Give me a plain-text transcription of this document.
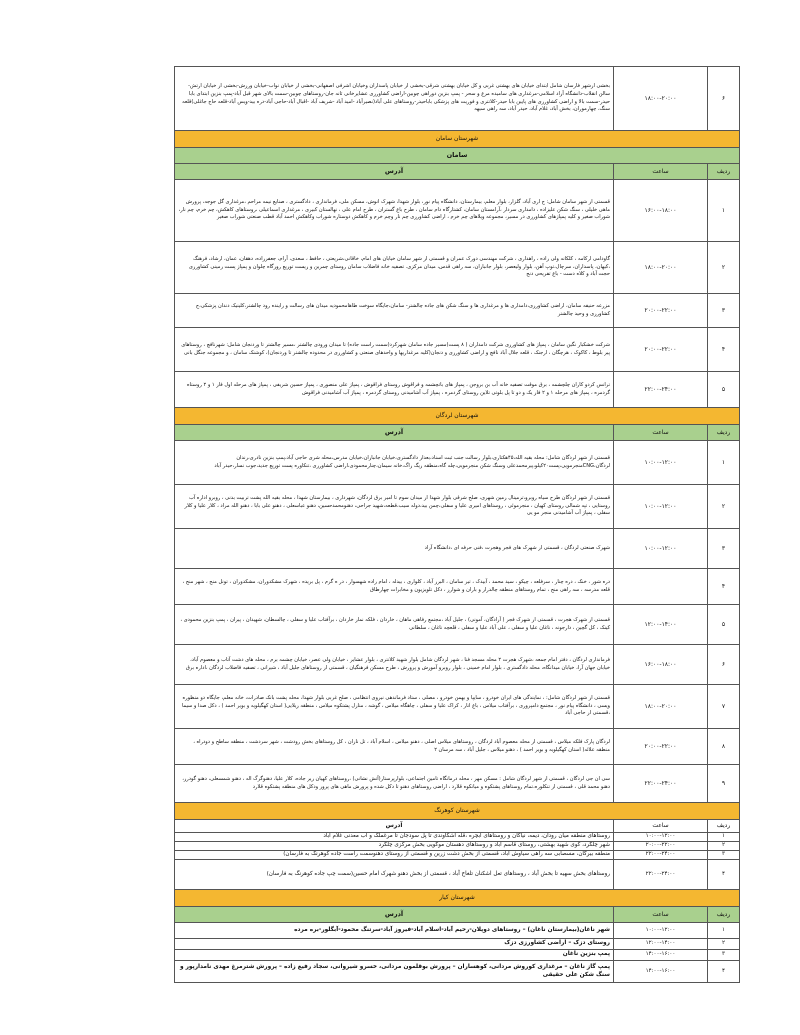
۶	۱۸:۰۰-۲۰:۰۰	بخشی ازشهر فارسان شامل ابتدای خیابان های بهشتی غربی و کل خیابان بهشتی شرقی-بخشی از خیابان پاسداران وخیابان اشرفی اصفهانی-بخشی از خیابان نواب-خیابان ورزش-بخشی از خیابان ارتش-سالن انقلاب-دانشگاه آزاد اسلامی-مرغداری های سامیده مرغ و سحر - پمپ بنزین دوراهی چوبین-اراضی کشاورزی عشایرخانی ثانه جان-روستاهای چوبین-سمت بالای شهر قبل آباد-پمپ بنزین ابتدای بابا حیدر-سمت بالا و اراضی کشاورزی های پایین بابا حیدر-کلانتری و فوریت های پزشکی باباحیدر-روستاهای علی آباد(نصیرآباد -امید آباد -شریف آباد -اقبال آباد-حاجی آباد-دره بید-ویس آباد-قلعه حاج جاغلی)قلعه سنگ، چهارموران، بخش آباد، غلام آباد، حیدر آباد، سه راهی سیهه
شهرستان سامان		
سامان		
ردیف	ساعت	آدرس
۱	۱۶:۰۰-۱۸:۰۰	قسمتی از شهر سامان شامل: ج اری آباد، گلزار، بلوار معلم، بیمارستان، دانشگاه پیام نور، بلوار شهدا، شهرک انوش، مسکن ملی، فرمانداری ، دادگستری ، صنایع نیمه مراحم ،مرغداری گل جوجه، پرورش ماهی خلیلی ، سنگ شکن علیزاده ، دامداری سردار ،آرامستان سامان، کشتارگاه دام سامان ، طرح باغ گستران ، طرح امام علی ، نهالستان کبیری ، مرغداری اسماعیلی ،روستاهای کاهکش، چم خرم، چم نار، شوراب صغیر و کلیه پمپاژهای کشاورزی در مسیر، مجموعه ویلاهای چم خرم ، اراضی کشاورزی چم نار وچم خرم و کاهکش دوستاره شوراب وکاهکش احمد آباد قطب صنعتی شوراب صغیر
۲	۱۸:۰۰-۲۰:۰۰	گاودامی ارکامه ، کلکانه ولی زاده ، راهداری ، شرکت مهندسی دورک عمران و قسمتی از شهر سامان خیابان های امام، خاقانی،شریعتی ، حافظ ، سعدی، آرام، جعفرزاده، دهقان، عمان، ارشاد، فرهنگ ،کیهان، پاسداران، سرچال،توپ آهن، بلوار ولیعصر، بلوار جانبازان، سه راهی قدس، میدان مرکزی. تصفیه خانه فاضلاب سامان روستای چمرین و زیست توزیع روزگاه چلوان و پمپاژ پست زمینی کشاورزی حجت آباد و کلاه دست - باغ تفریحی دنج
۳	۲۰:۰۰-۲۲:۰۰	مزرعه حنیفه سامان، اراضی کشاورزی،دامداری ها و مرغداری ها و سنگ شکن های جاده چالشتر- سامان،جایگاه سوخت طاهامحمودیه میدان های رسالت و زاینده رود چالشتر،کلینیک دندان پزشکی،ج کشاورزی و وحید چالشتر
۴	۲۰:۰۰-۲۲:۰۰	شرکت خشکبار نگین سامان ، پمپاژ های کشاورزی شرکت دامداران ( ۸ پست)مسیر جاده سامان شهرکرد(سمت راست جاده) تا میدان ورودی چالشتر ،مسیر چالشتر تا وردنجان شامل: شهرنافچ ، روستاهای پیر بلوط ، کاکوک ، هرچگان ، ارجنک ، قلعه جلال آباد نافچ و اراضی کشاورزی و دنجان(کلیه مرغداریها و واحدهای صنعتی و کشاورزی در محدوده چالشتر تا وردنجان)، کوشنک سامان ، و مجموعه جنگل بانی
۵	۲۲:۰۰-۲۴:۰۰	ترانس کردو کاران چلچشمه ، برق موقت تصفیه خانه آب بن بروجن ، پمپاژ های باتچشمه و فراقوش روستای فراقوش ، پمپاژ علی منصوری ، پمپاژ حسین شریفی ، پمپاژ های مرحله اول فاز ۱ و ۲ روستاه گردمره ، پمپاژ های مرحله ۱ و ۲ فاز یک و دو تا پل بلوتی تلاین روستای گردمره ، پمپاژ آب آشامیدنی روستای گردمره ، پمپاژ آب آشامیدنی فراقوش
شهرستان لردگان		
ردیف	ساعت	آدرس
۱	۱۰:۰۰-۱۲:۰۰	قسمتی از شهر لردگان شامل: محله بقیه الله،۴۵هکتاری،بلوار رسالت جنب ثبت اسناد،بعداز دادگستری،خیابان جانبازان،خیابان مدرس،محله شری حاجی آباد،پمپ بنزین نادری،زندان لردگان،CNGمنجرمویی،پست۲۰کیلو،پیرمحمدعلی وسنگ شکن منجرمویی،چله گاه،منطقه زیگ زاگ،خانه سیمان،چنارمحمودی،اراضی کشاورزی ،تنکاوره پست توزیع جدید،جوب نسار،حیدر آباد
۲	۱۰:۰۰-۱۲:۰۰	قسمتی از شهر لردگان طرح سیاه روبرو،ترمینال زمین شهری، صلح شرقی بلوار شهدا از میدان سوم تا امیر برق لردگان، شهرداری ، بیمارستان شهدا ، محله بقیه الله پشت تربیت بدنی ، روبرو اداره آب روستایی ، تپه شمالی روستای کهیان ، منجرموئی ، روستاهای امیری علیا و سفلی،چمن بید،دوله سیب،قطعه،شهید جراحی، دهنومحمدحسین، دهنو عباسعلی ، دهنو علی بابا ، دهنو الله مراد ، کلار علیا و کلار سفلی ، پمپاژ آب آشامیدنی منجر مو یی
۳	۱۰:۰۰-۱۲:۰۰	شهرک صنعتی لردگان ، قسمتی از شهرک های فجر وهجرت ،فنی حرفه ای ،دانشگاه آزاد
۴		دره شور ، خنک ، دره چنار ، سرفلعه ، چیکو ، سید محمد ، آبیدک ، تیر سامان ، البرز آباد ، کلواری ، بیدله ، امام زاده شهسوار ، در ه گرم ، پل بریده ، شهرک مشکدوران، مشکدوران ، تونل منج ، شهر منج ، قلعه مدرسه ، سه راهی منج ، تمام روستاهای منطقه چالدراز و باران و شوارز ، دکل تلویزیون و مخابرات چهارطاق
۵	۱۲:۰۰-۱۴:۰۰	قسمتی از شهرک هجرت ، قسمتی از شهرک فجر ( آزادگان، آمونی) ، جلیل آباد ،مجتمع رفاهی ماهان ، خاردان ، فلکه نماز خاردان ، برآفتاب علیا و سفلی ، چالسطان، شهیدان ، پیران ، پمپ بنزین محمودی ، کینک ، کل گچین ، دارجونه ، ناغان علیا و سفلی ، علی آباد علیا و سفلی ، قلعچه ناغان ، سلطانی
۶	۱۶:۰۰-۱۸:۰۰	فرمانداری لردگان ، دفتر امام جمعه ،شهرک هجرت ۲ محله مسجد فنا ، شهر لردگان شامل بلوار شهید کلانتری ، بلوار عشایر ، خیابان ولی عصر، خیابان چشمه برم ، محله های دشت آتاب و معصوم آباد، خیابان جهان آرا، خیابان میدانگاه، محله دادگستری ، بلوار امام خمینی ، بلوار روبرو آموزش و پرورش ، طرح مسکن فرهنگیان ، قسمتی از روستاهای جلیل آباد ، شیرانی ، تصفیه فاضلاب لردگان ،اداره برق
۷	۱۸:۰۰-۲۰:۰۰	قسمتی از شهر لردگان شامل: ، نمایندگی های ایران خودرو ، سایپا و بهمن خودرو ، مصلی ، ستاد فرماندهی نیروی انتظامی ، صلح غربی بلوار شهدا، محله پشت بانک صادرات، خانه معلم، جایگاه دو منظوره ویسی ، دانشگاه پیام نور ، مجتمع دامپروری ، برآفتاب میلاس ، باغ انار ، کراک علیا و سفلی ، چاهگاه میلاس ، گوشه ، منازل پشتکوه میلاس ، منطقه زیلایی( استان کهگیلویه و بویر احمد ) ، دکل صدا و سیما ،قسمتی از حاجی آباد
۸	۲۰:۰۰-۲۲:۰۰	لردگان پارک فلکه میلاس ، قسمتی از محله معصوم آباد لردگان ، روستاهای میلاس اصلی ، دهنو میلاس ، اسلام آباد ، تل نازان ، کل روستاهای بخش رودشت ، شهر سردشت ، منطقه ساطح و دودراه ، منطقه علائه( استان کهگیلویه و بویر احمد ) ، دهنو میلاس ، جلیل آباد ، سه مرسان ۲
۹	۲۲:۰۰-۲۴:۰۰	سی ان جی لردگان ، قسمتی از شهر لردگان شامل : مسکن مهر ، محله درمانگاه تامین اجتماعی، بلوارپرستار(آتش نشانی) ،روستاهای کهیان زیر جاده، کلار علیا، دهنوگرگ اله ، دهنو شمسعلی، دهنو گودرز، دهنو محمد قلی ، قسمتی از تنکلوره،تمام روستاهای پشتکوه و میانکوه قلارد ، اراضی روستاهای دهنو تا دکل شده و پرورش ماهی های پروز ودکل های منطقه پشتکوه قلارد
شهرستان کوهرنگ		
ردیف	ساعت	آدرس
۱	۱۰:۰۰-۱۲:۰۰	روستاهای منطقه میان رودان، دیمه، نیاکان و روستاهای آبچره ،قله اشکاوندی تا پل سودجان تا مرغملک و آب معدنی غلام آباد
۲	۲۰:۰۰-۲۲:۰۰	شهر چلگرد، کوی شهید بهشتی، روستای قاسم آباد و روستاهای دهستان موگویی بخش مرکزی چلگرد
۳	۲۲:۰۰-۲۴:۰۰	منطقه بیرگان، مسصابی سه راهی سیاوش آباد، قسمتی از بخش دشت زرین و قسمتی از روستای دهنوسمت راست جاده کوهرنگ به فارسان)
۴	۲۲:۰۰-۲۴:۰۰	روستاهای بخش سهیه تا بخش آباد ، روستاهای تعل اشکنان تلغاخ آباد ، قسمتی از بخش دهنو شهرک امام حسین(سمت چپ جاده کوهرنگ به فارسان)
شهرستان کیار		
ردیف	ساعت	آدرس
۱	۱۰:۰۰-۱۲:۰۰	شهر ناغان(بیمارستان ناغان) – روستاهای دوپلان-رحیم آباد-اسلام آباد-فیروز آباد-سرتنگ محمود-آبگلور-بره مرده
۲	۱۲:۰۰-۱۴:۰۰	روستای دزک – اراضی کشاورزی دزک
۳	۱۴:۰۰-۱۶:۰۰	پمپ بنزین ناغان
۴	۱۴:۰۰-۱۶:۰۰	پمپ گاز ناغان – مرغداری کوروش مردانی، کوهساران – پرورش بوقلمون مردانی، خسرو شیروانی، سجاد رفیع زاده – پرورش شترمرغ مهدی نامدارپور و سنگ شکن علی حقیقی
